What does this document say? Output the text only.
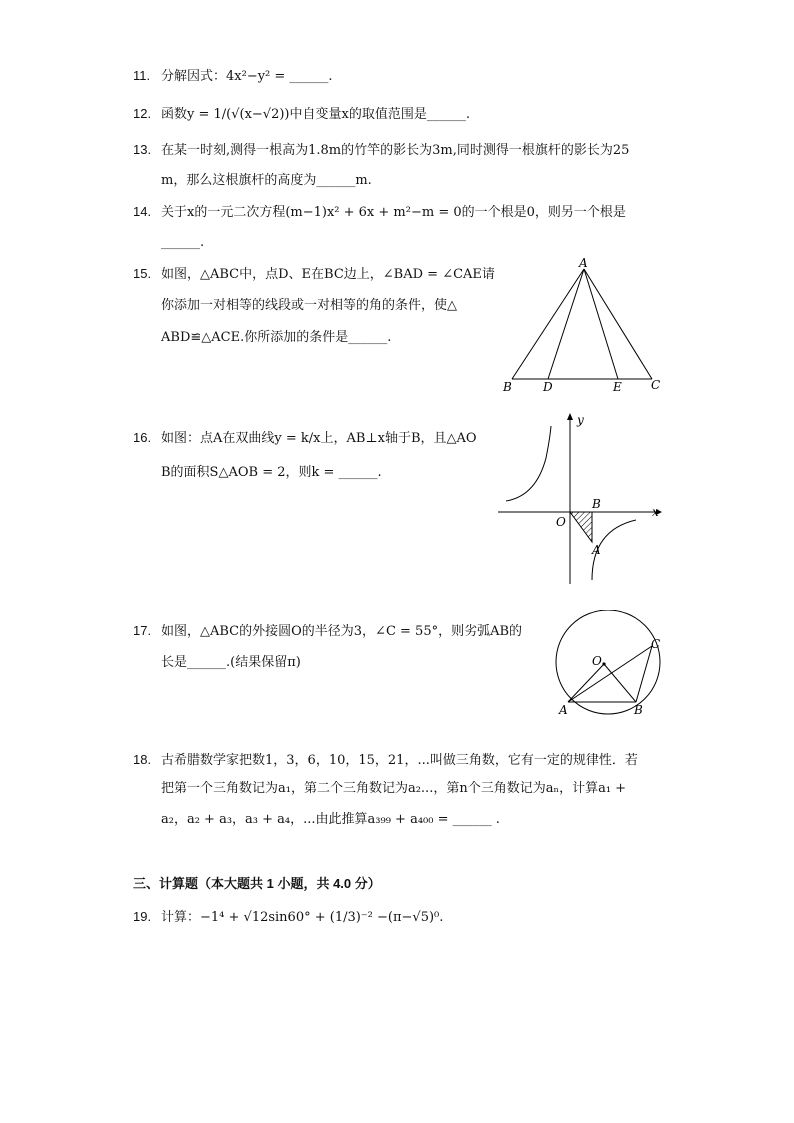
11. 分解因式：4x²−y² = ______.
12. 函数y = 1/(√(x−√2))中自变量x的取值范围是______.
13. 在某一时刻,测得一根高为1.8m的竹竿的影长为3m,同时测得一根旗杆的影长为25
m，那么这根旗杆的高度为______m.
14. 关于x的一元二次方程(m−1)x² + 6x + m²−m = 0的一个根是0，则另一个根是
______.
15. 如图，△ABC中，点D、E在BC边上，∠BAD = ∠CAE请
你添加一对相等的线段或一对相等的角的条件，使△
ABD≌△ACE.你所添加的条件是______.
A
B	D	E C
16. 如图：点A在双曲线y = k/x上，AB⊥x轴于B，且△AO
B的面积S△AOB = 2，则k = ______.
y
x
O
B
A
17. 如图，△ABC的外接圆O的半径为3，∠C = 55°，则劣弧AB的
长是______.(结果保留π)	O
C
A	B
18. 古希腊数学家把数1，3，6，10，15，21，...叫做三角数，它有一定的规律性．若
把第一个三角数记为a₁，第二个三角数记为a₂...，第n个三角数记为aₙ，计算a₁ +
a₂，a₂ + a₃，a₃ + a₄，...由此推算a₃₉₉ + a₄₀₀ = ______ .
三、计算题（本大题共 1 小题，共 4.0 分）
19. 计算：−1⁴ + √12sin60° + (1/3)⁻² −(π−√5)⁰.
